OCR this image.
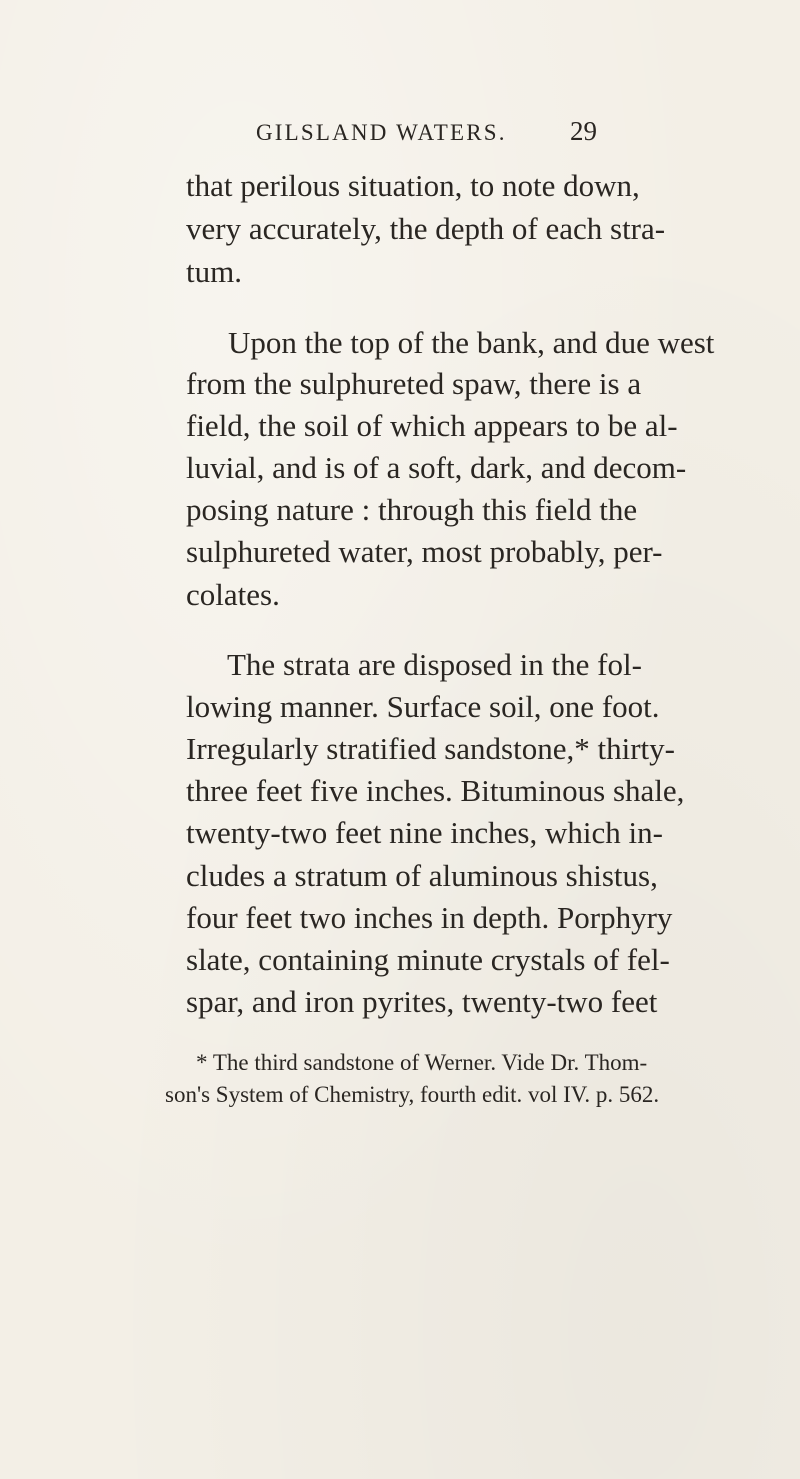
GILSLAND WATERS. 29
that perilous situation, to note down,
very accurately, the depth of each stra-
tum.
Upon the top of the bank, and due west
from the sulphureted spaw, there is a
field, the soil of which appears to be al-
luvial, and is of a soft, dark, and decom-
posing nature : through this field the
sulphureted water, most probably, per-
colates.
The strata are disposed in the fol-
lowing manner. Surface soil, one foot.
Irregularly stratified sandstone,* thirty-
three feet five inches. Bituminous shale,
twenty-two feet nine inches, which in-
cludes a stratum of aluminous shistus,
four feet two inches in depth. Porphyry
slate, containing minute crystals of fel-
spar, and iron pyrites, twenty-two feet
* The third sandstone of Werner. Vide Dr. Thom-
son's System of Chemistry, fourth edit. vol IV. p. 562.
